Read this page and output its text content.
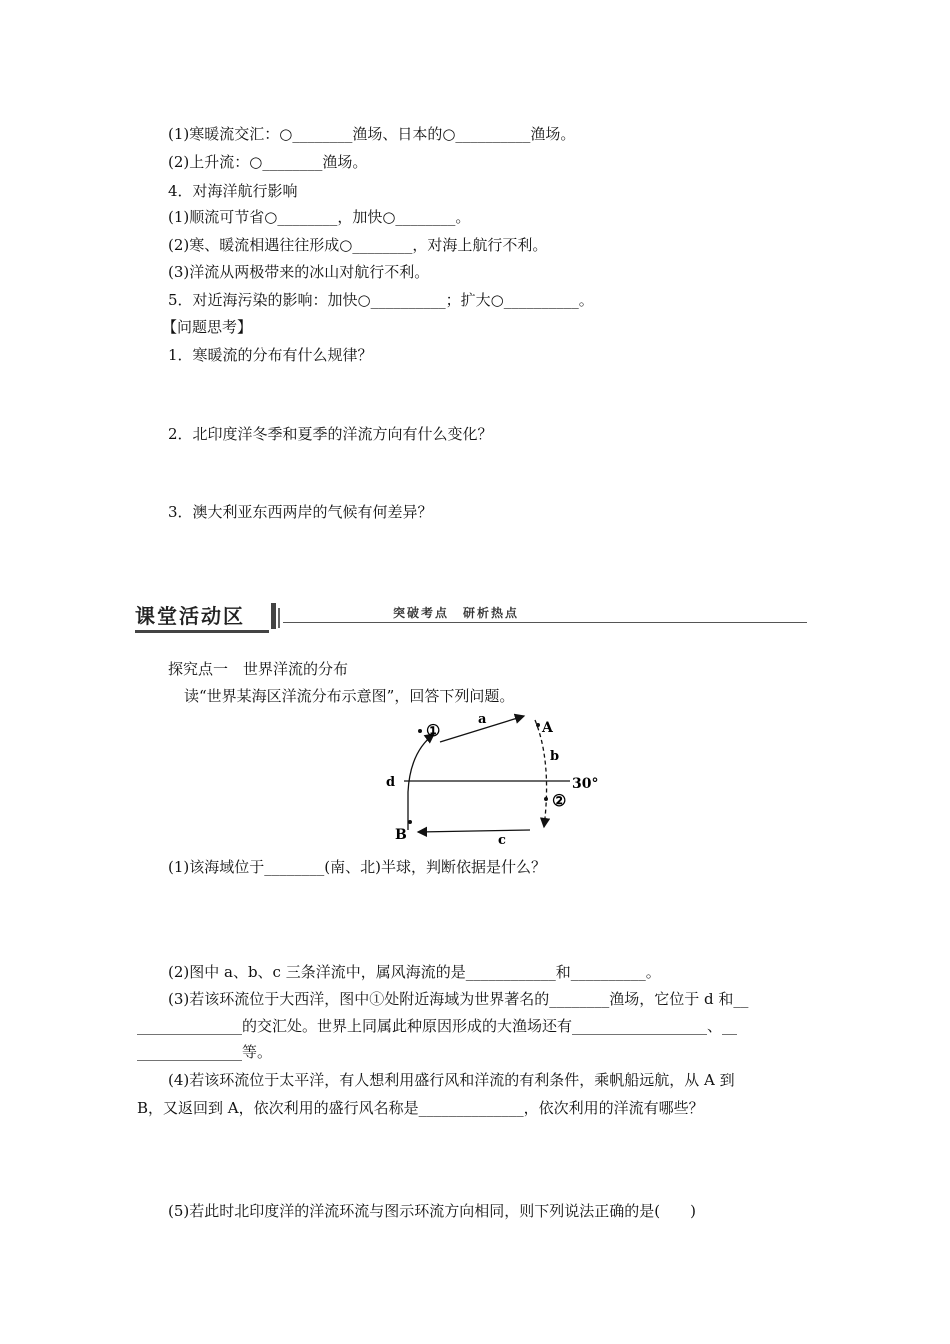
(1)寒暖流交汇：○________渔场、日本的○__________渔场。
(2)上升流：○________渔场。
4．对海洋航行影响
(1)顺流可节省○________，加快○________。
(2)寒、暖流相遇往往形成○________，对海上航行不利。
(3)洋流从两极带来的冰山对航行不利。
5．对近海污染的影响：加快○__________；扩大○__________。
【问题思考】
1．寒暖流的分布有什么规律？
2．北印度洋冬季和夏季的洋流方向有什么变化？
3．澳大利亚东西两岸的气候有何差异？
课堂活动区	突破考点　研析热点
探究点一　世界洋流的分布
读“世界某海区洋流分布示意图”，回答下列问题。
①
a
A
b
d	30°
②
B	c
(1)该海域位于________(南、北)半球，判断依据是什么？
(2)图中 a、b、c 三条洋流中，属风海流的是____________和__________。
(3)若该环流位于大西洋，图中①处附近海域为世界著名的________渔场，它位于 d 和__
______________的交汇处。世界上同属此种原因形成的大渔场还有__________________、__
______________等。
(4)若该环流位于太平洋，有人想利用盛行风和洋流的有利条件，乘帆船远航，从 A 到
B，又返回到 A，依次利用的盛行风名称是______________，依次利用的洋流有哪些？
(5)若此时北印度洋的洋流环流与图示环流方向相同，则下列说法正确的是(　　)
